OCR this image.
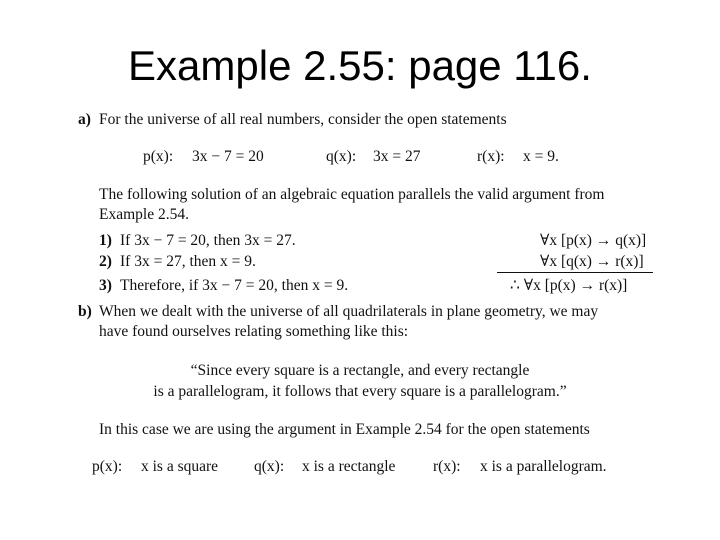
Example 2.55: page 116.
a) For the universe of all real numbers, consider the open statements
p(x): 3x − 7 = 20	q(x): 3x = 27	r(x): x = 9.
The following solution of an algebraic equation parallels the valid argument from
Example 2.54.
1) If 3x − 7 = 20, then 3x = 27.
2) If 3x = 27, then x = 9.
3) Therefore, if 3x − 7 = 20, then x = 9.
∀x [p(x) → q(x)]
∀x [q(x) → r(x)]
∴ ∀x [p(x) → r(x)]
b) When we dealt with the universe of all quadrilaterals in plane geometry, we may
have found ourselves relating something like this:
“Since every square is a rectangle, and every rectangle
is a parallelogram, it follows that every square is a parallelogram.”
In this case we are using the argument in Example 2.54 for the open statements
p(x): x is a square q(x): x is a rectangle r(x): x is a parallelogram.
